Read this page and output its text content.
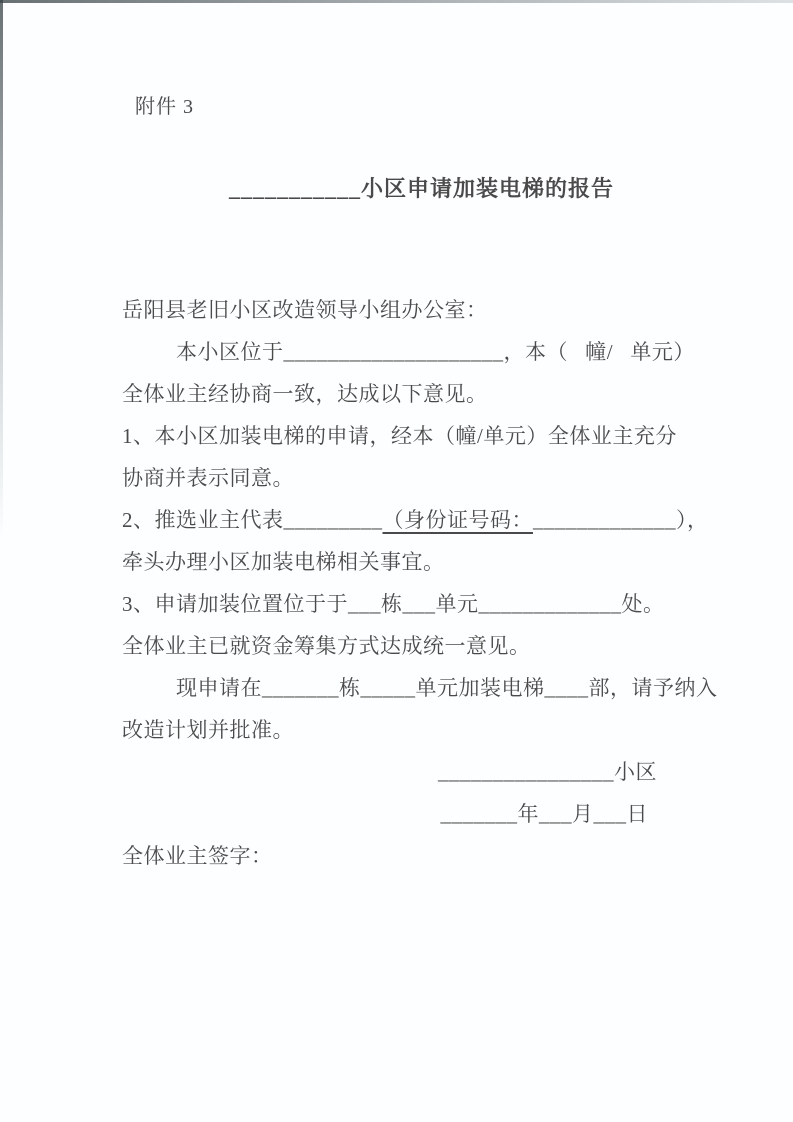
附件 3

___________小区申请加装电梯的报告

岳阳县老旧小区改造领导小组办公室：
本小区位于____________________，本（   幢/   单元）
全体业主经协商一致，达成以下意见。
1、本小区加装电梯的申请，经本（幢/单元）全体业主充分
协商并表示同意。
2、推选业主代表_________（身份证号码：_____________），
牵头办理小区加装电梯相关事宜。
3、申请加装位置位于于___栋___单元_____________处。
全体业主已就资金筹集方式达成统一意见。
现申请在_______栋_____单元加装电梯____部，请予纳入
改造计划并批准。
________________小区
_______年___月___日
全体业主签字：
